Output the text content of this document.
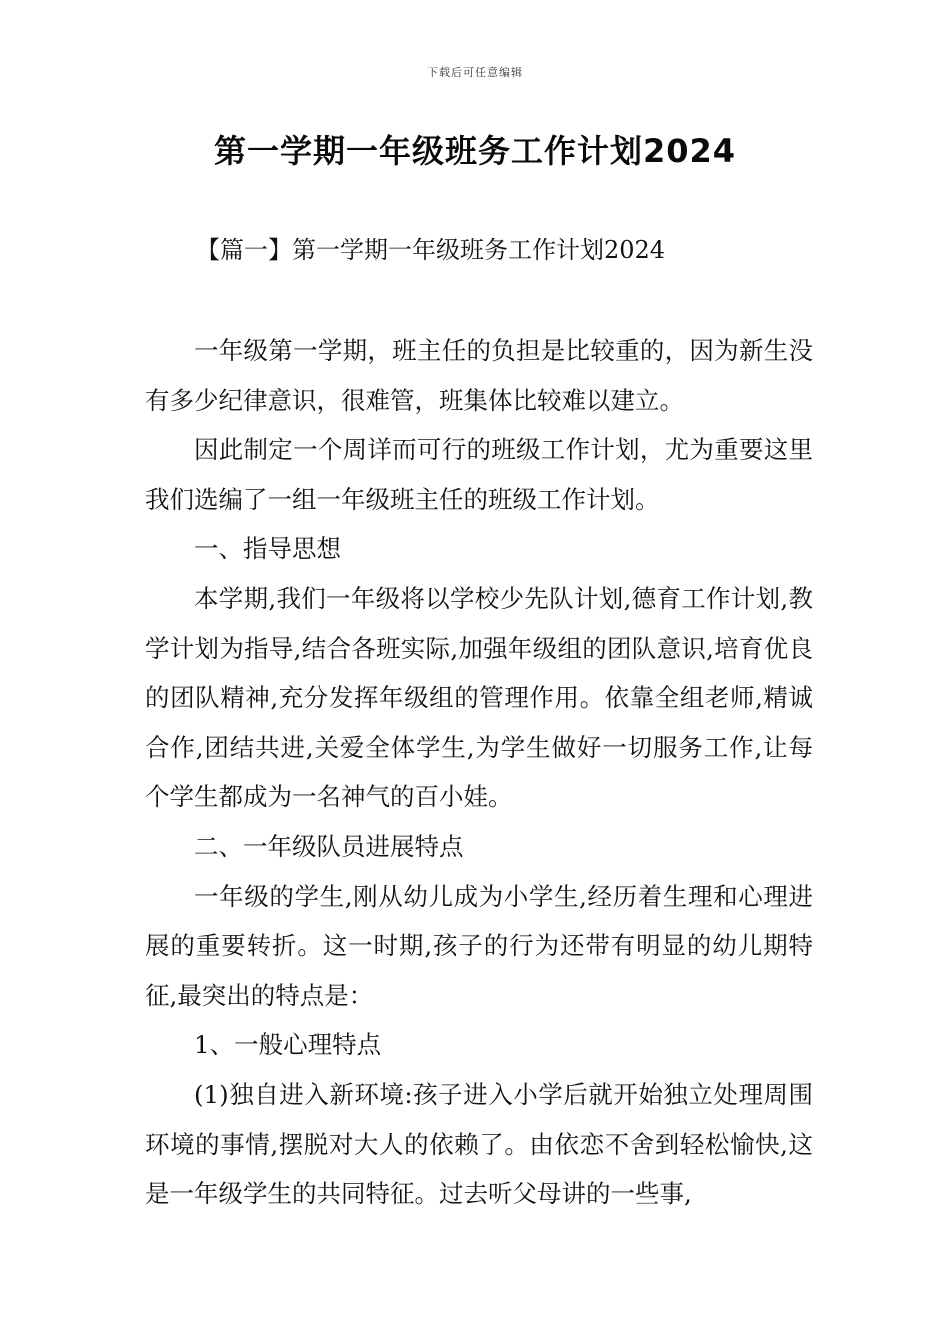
下载后可任意编辑
第一学期一年级班务工作计划2024
【篇一】第一学期一年级班务工作计划2024

一年级第一学期，班主任的负担是比较重的，因为新生没有多少纪律意识，很难管，班集体比较难以建立。

因此制定一个周详而可行的班级工作计划，尤为重要这里我们选编了一组一年级班主任的班级工作计划。

一、指导思想

本学期,我们一年级将以学校少先队计划,德育工作计划,教学计划为指导,结合各班实际,加强年级组的团队意识,培育优良的团队精神,充分发挥年级组的管理作用。依靠全组老师,精诚合作,团结共进,关爱全体学生,为学生做好一切服务工作,让每个学生都成为一名神气的百小娃。

二、一年级队员进展特点

一年级的学生,刚从幼儿成为小学生,经历着生理和心理进展的重要转折。这一时期,孩子的行为还带有明显的幼儿期特征,最突出的特点是：

1、一般心理特点

(1)独自进入新环境:孩子进入小学后就开始独立处理周围环境的事情,摆脱对大人的依赖了。由依恋不舍到轻松愉快,这是一年级学生的共同特征。过去听父母讲的一些事,
